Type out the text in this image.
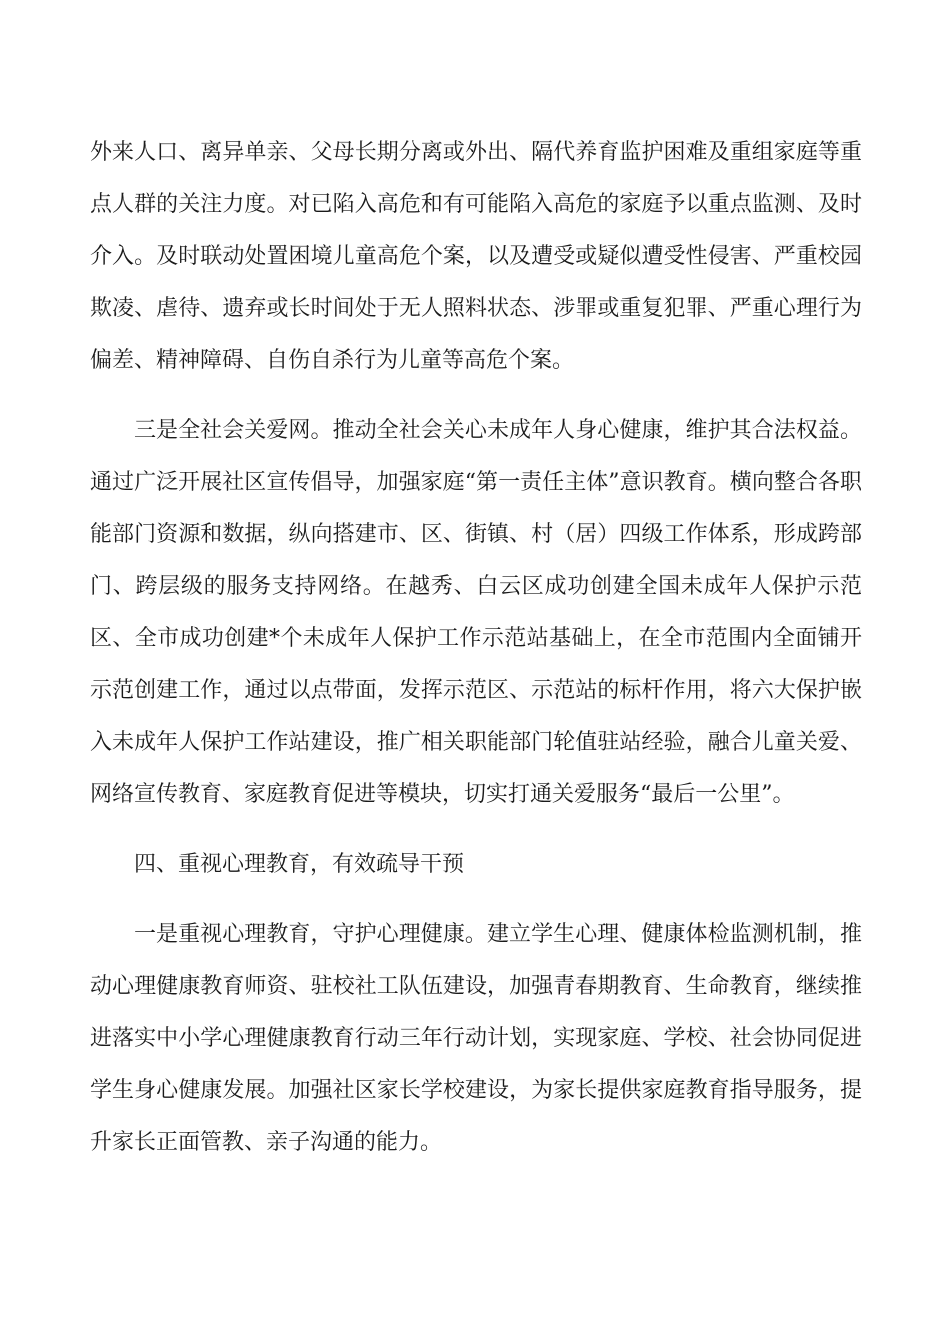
外来人口、离异单亲、父母长期分离或外出、隔代养育监护困难及重组家庭等重点人群的关注力度。对已陷入高危和有可能陷入高危的家庭予以重点监测、及时介入。及时联动处置困境儿童高危个案，以及遭受或疑似遭受性侵害、严重校园欺凌、虐待、遗弃或长时间处于无人照料状态、涉罪或重复犯罪、严重心理行为偏差、精神障碍、自伤自杀行为儿童等高危个案。

三是全社会关爱网。推动全社会关心未成年人身心健康，维护其合法权益。通过广泛开展社区宣传倡导，加强家庭“第一责任主体”意识教育。横向整合各职能部门资源和数据，纵向搭建市、区、街镇、村（居）四级工作体系，形成跨部门、跨层级的服务支持网络。在越秀、白云区成功创建全国未成年人保护示范区、全市成功创建*个未成年人保护工作示范站基础上，在全市范围内全面铺开示范创建工作，通过以点带面，发挥示范区、示范站的标杆作用，将六大保护嵌入未成年人保护工作站建设，推广相关职能部门轮值驻站经验，融合儿童关爱、网络宣传教育、家庭教育促进等模块，切实打通关爱服务“最后一公里”。

四、重视心理教育，有效疏导干预

一是重视心理教育，守护心理健康。建立学生心理、健康体检监测机制，推动心理健康教育师资、驻校社工队伍建设，加强青春期教育、生命教育，继续推进落实中小学心理健康教育行动三年行动计划，实现家庭、学校、社会协同促进学生身心健康发展。加强社区家长学校建设，为家长提供家庭教育指导服务，提升家长正面管教、亲子沟通的能力。
